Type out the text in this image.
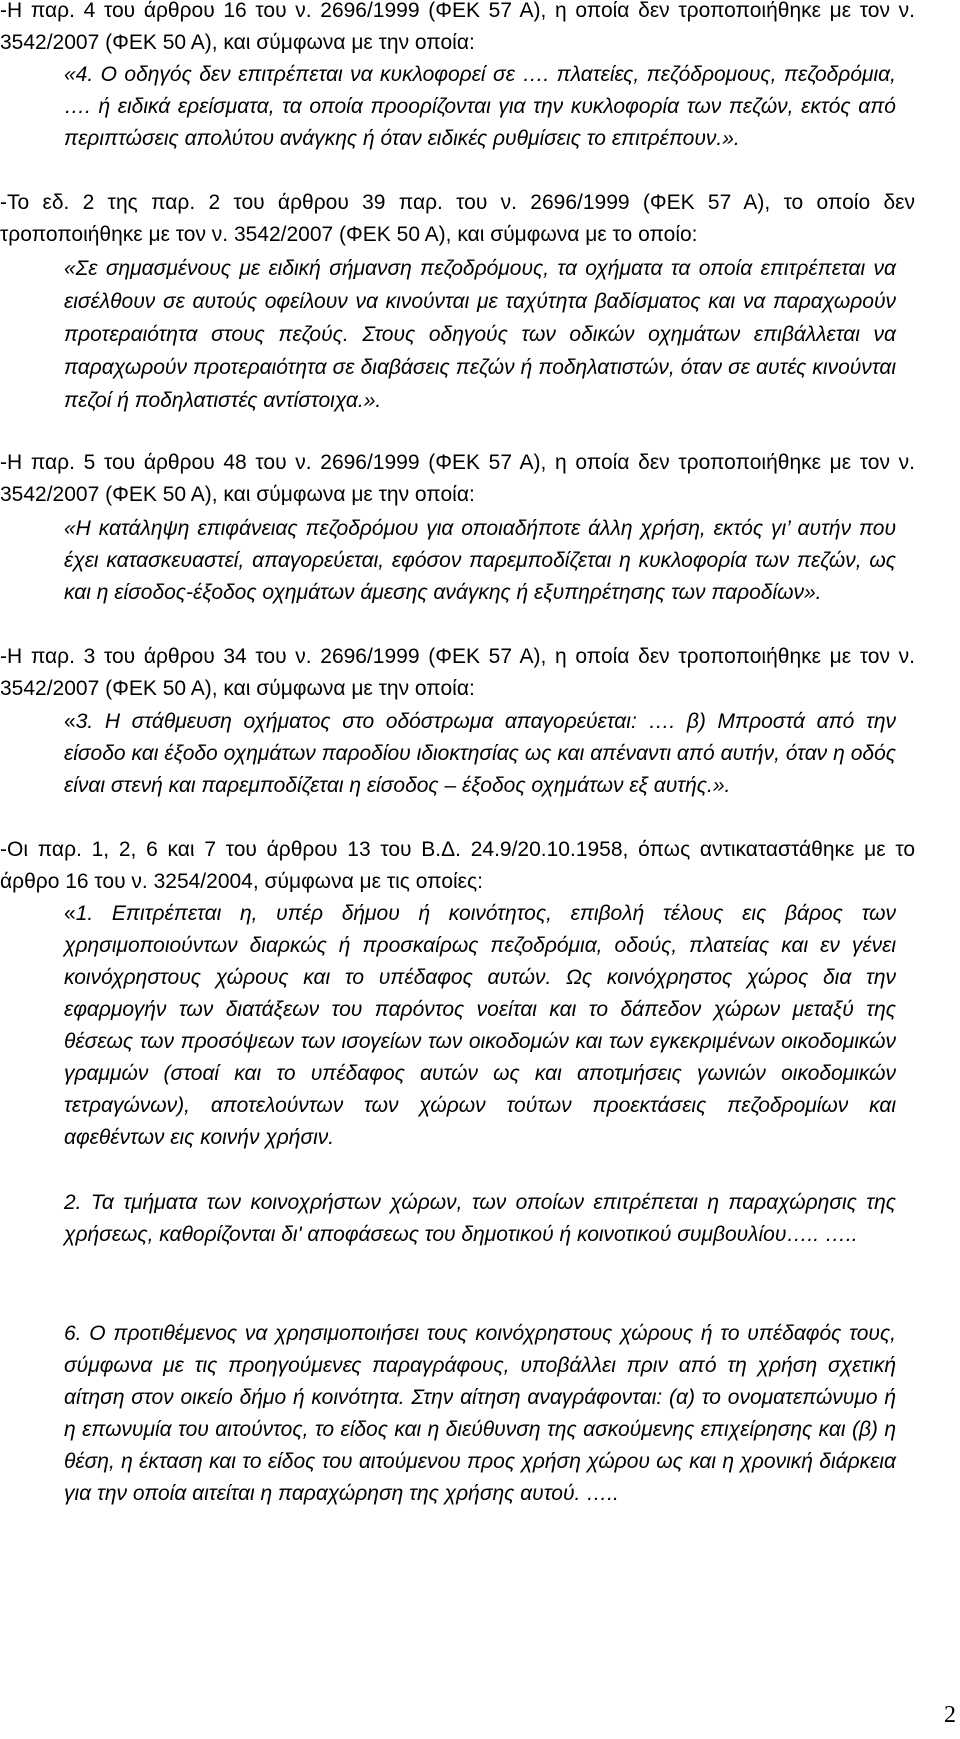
-Η παρ. 4 του άρθρου 16 του ν. 2696/1999 (ΦΕΚ 57 Α), η οποία δεν τροποποιήθηκε με τον ν. 3542/2007 (ΦΕΚ 50 Α), και σύμφωνα με την οποία:

«4. Ο οδηγός δεν επιτρέπεται να κυκλοφορεί σε …. πλατείες, πεζόδρομους, πεζοδρόμια, …. ή ειδικά ερείσματα, τα οποία προορίζονται για την κυκλοφορία των πεζών, εκτός από περιπτώσεις απολύτου ανάγκης ή όταν ειδικές ρυθμίσεις το επιτρέπουν.».

-Το εδ. 2 της παρ. 2 του άρθρου 39 παρ. του ν. 2696/1999 (ΦΕΚ 57 Α), το οποίο δεν τροποποιήθηκε με τον ν. 3542/2007 (ΦΕΚ 50 Α), και σύμφωνα με το οποίο:

«Σε σημασμένους με ειδική σήμανση πεζοδρόμους, τα οχήματα τα οποία επιτρέπεται να εισέλθουν σε αυτούς οφείλουν να κινούνται με ταχύτητα βαδίσματος και να παραχωρούν προτεραιότητα στους πεζούς. Στους οδηγούς των οδικών οχημάτων επιβάλλεται να παραχωρούν προτεραιότητα σε διαβάσεις πεζών ή ποδηλατιστών, όταν σε αυτές κινούνται πεζοί ή ποδηλατιστές αντίστοιχα.».

-Η παρ. 5 του άρθρου 48 του ν. 2696/1999 (ΦΕΚ 57 Α), η οποία δεν τροποποιήθηκε με τον ν. 3542/2007 (ΦΕΚ 50 Α), και σύμφωνα με την οποία:

«Η κατάληψη επιφάνειας πεζοδρόμου για οποιαδήποτε άλλη χρήση, εκτός γι’ αυτήν που έχει κατασκευαστεί, απαγορεύεται, εφόσον παρεμποδίζεται η κυκλοφορία των πεζών, ως και η είσοδος-έξοδος οχημάτων άμεσης ανάγκης ή εξυπηρέτησης των παροδίων».

-Η παρ. 3 του άρθρου 34 του ν. 2696/1999 (ΦΕΚ 57 Α), η οποία δεν τροποποιήθηκε με τον ν. 3542/2007 (ΦΕΚ 50 Α), και σύμφωνα με την οποία:

«3. Η στάθμευση οχήματος στο οδόστρωμα απαγορεύεται: …. β) Μπροστά από την είσοδο και έξοδο οχημάτων παροδίου ιδιοκτησίας ως και απέναντι από αυτήν, όταν η οδός είναι στενή και παρεμποδίζεται η είσοδος – έξοδος οχημάτων εξ αυτής.».

-Οι παρ. 1, 2, 6 και 7 του άρθρου 13 του Β.Δ. 24.9/20.10.1958, όπως αντικαταστάθηκε με το άρθρο 16 του ν. 3254/2004, σύμφωνα με τις οποίες:

«1. Επιτρέπεται η, υπέρ δήμου ή κοινότητος, επιβολή τέλους εις βάρος των χρησιμοποιούντων διαρκώς ή προσκαίρως πεζοδρόμια, οδούς, πλατείας και εν γένει κοινόχρηστους χώρους και το υπέδαφος αυτών. Ως κοινόχρηστος χώρος δια την εφαρμογήν των διατάξεων του παρόντος νοείται και το δάπεδον χώρων μεταξύ της θέσεως των προσόψεων των ισογείων των οικοδομών και των εγκεκριμένων οικοδομικών γραμμών (στοαί και το υπέδαφος αυτών ως και αποτμήσεις γωνιών οικοδομικών τετραγώνων), αποτελούντων των χώρων τούτων προεκτάσεις πεζοδρομίων και αφεθέντων εις κοινήν χρήσιν.

2. Τα τμήματα των κοινοχρήστων χώρων, των οποίων επιτρέπεται η παραχώρησις της χρήσεως, καθορίζονται δι' αποφάσεως του δημοτικού ή κοινοτικού συμβουλίου….. …..

6. Ο προτιθέμενος να χρησιμοποιήσει τους κοινόχρηστους χώρους ή το υπέδαφός τους, σύμφωνα με τις προηγούμενες παραγράφους, υποβάλλει πριν από τη χρήση σχετική αίτηση στον οικείο δήμο ή κοινότητα. Στην αίτηση αναγράφονται: (α) το ονοματεπώνυμο ή η επωνυμία του αιτούντος, το είδος και η διεύθυνση της ασκούμενης επιχείρησης και (β) η θέση, η έκταση και το είδος του αιτούμενου προς χρήση χώρου ως και η χρονική διάρκεια για την οποία αιτείται η παραχώρηση της χρήσης αυτού. …..

2
